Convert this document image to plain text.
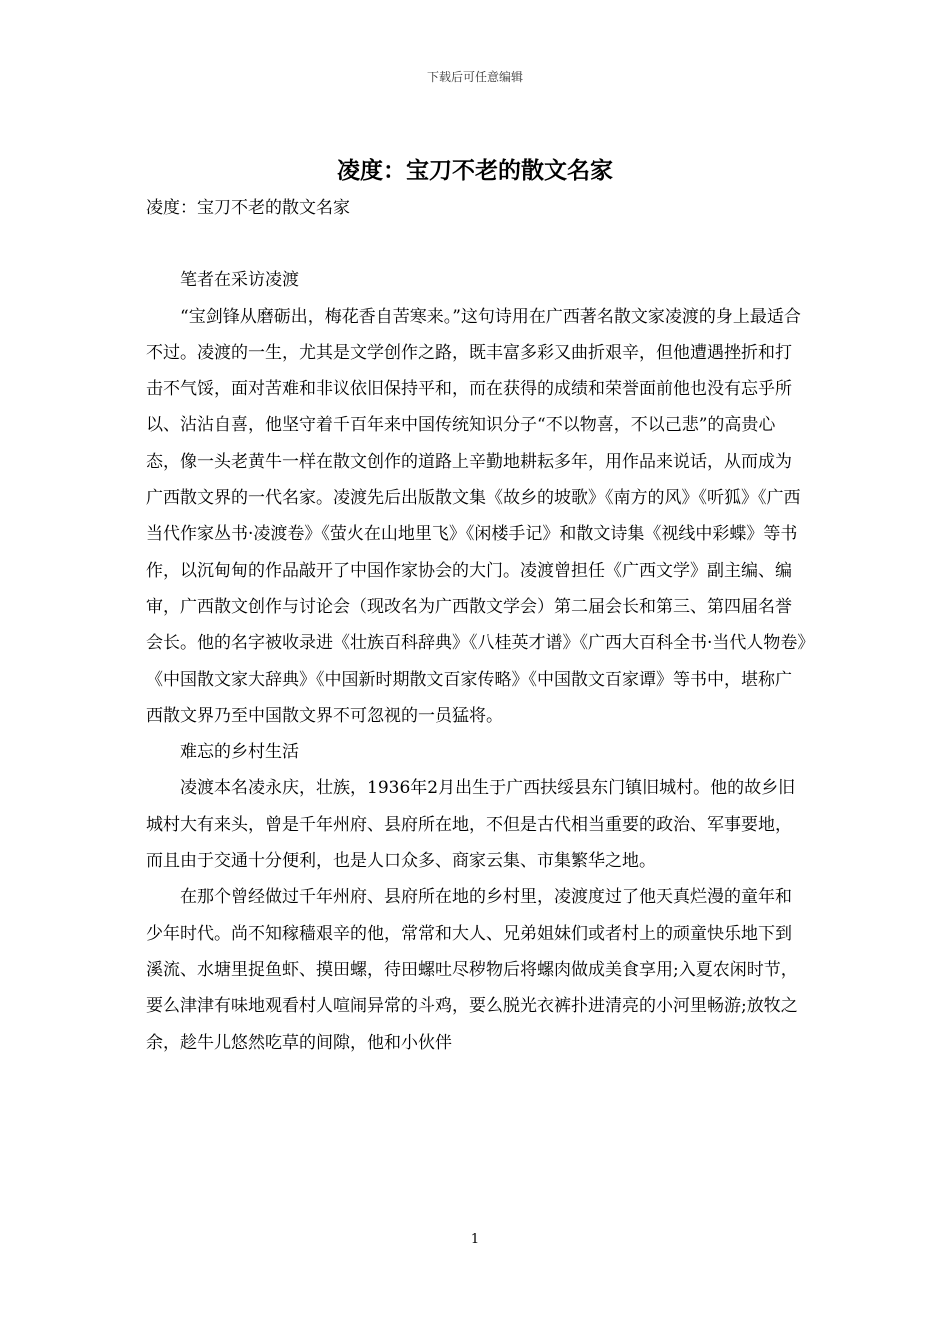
下载后可任意编辑
凌度：宝刀不老的散文名家

凌度：宝刀不老的散文名家

笔者在采访凌渡

“宝剑锋从磨砺出，梅花香自苦寒来。”这句诗用在广西著名散文家凌渡的身上最适合不过。凌渡的一生，尤其是文学创作之路，既丰富多彩又曲折艰辛，但他遭遇挫折和打击不气馁，面对苦难和非议依旧保持平和，而在获得的成绩和荣誉面前他也没有忘乎所以、沾沾自喜，他坚守着千百年来中国传统知识分子“不以物喜，不以己悲”的高贵心态，像一头老黄牛一样在散文创作的道路上辛勤地耕耘多年，用作品来说话，从而成为广西散文界的一代名家。凌渡先后出版散文集《故乡的坡歌》《南方的风》《听狐》《广西当代作家丛书·凌渡卷》《萤火在山地里飞》《闲楼手记》和散文诗集《视线中彩蝶》等书作，以沉甸甸的作品敲开了中国作家协会的大门。凌渡曾担任《广西文学》副主编、编审，广西散文创作与讨论会（现改名为广西散文学会）第二届会长和第三、第四届名誉会长。他的名字被收录进《壮族百科辞典》《八桂英才谱》《广西大百科全书·当代人物卷》《中国散文家大辞典》《中国新时期散文百家传略》《中国散文百家谭》等书中，堪称广西散文界乃至中国散文界不可忽视的一员猛将。

难忘的乡村生活

凌渡本名凌永庆，壮族，1936年2月出生于广西扶绥县东门镇旧城村。他的故乡旧城村大有来头，曾是千年州府、县府所在地，不但是古代相当重要的政治、军事要地，而且由于交通十分便利，也是人口众多、商家云集、市集繁华之地。

在那个曾经做过千年州府、县府所在地的乡村里，凌渡度过了他天真烂漫的童年和少年时代。尚不知稼穑艰辛的他，常常和大人、兄弟姐妹们或者村上的顽童快乐地下到溪流、水塘里捉鱼虾、摸田螺，待田螺吐尽秽物后将螺肉做成美食享用;入夏农闲时节，要么津津有味地观看村人喧闹异常的斗鸡，要么脱光衣裤扑进清亮的小河里畅游;放牧之余，趁牛儿悠然吃草的间隙，他和小伙伴

1
